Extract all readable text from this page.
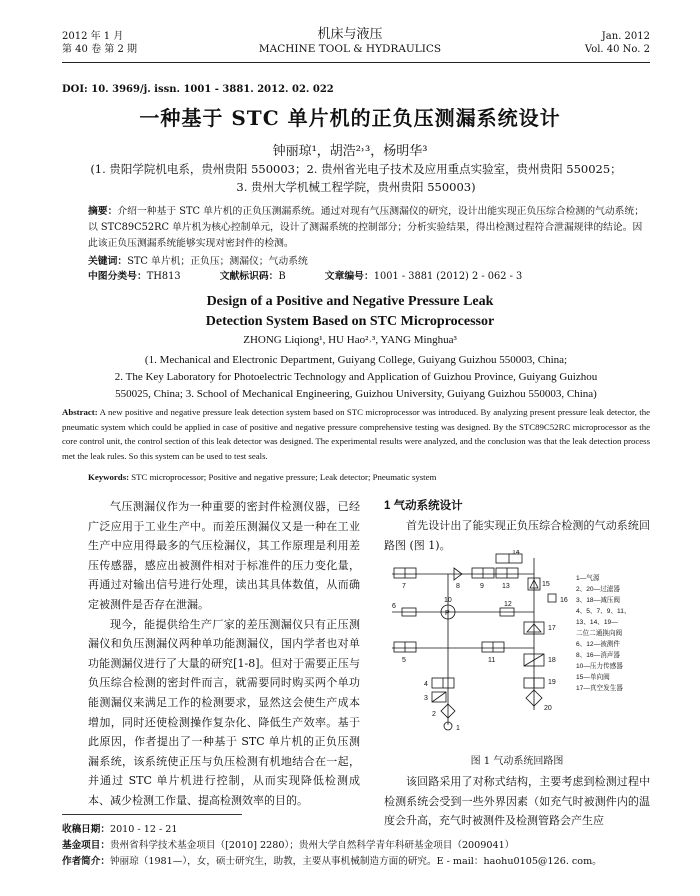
2012 年 1 月
第 40 卷 第 2 期
机床与液压
MACHINE TOOL & HYDRAULICS
Jan. 2012
Vol. 40 No. 2
DOI: 10. 3969/j. issn. 1001 - 3881. 2012. 02. 022
一种基于 STC 单片机的正负压测漏系统设计
钟丽琼¹，胡浩²˒³，杨明华³
(1. 贵阳学院机电系，贵州贵阳 550003；2. 贵州省光电子技术及应用重点实验室，贵州贵阳 550025；
3. 贵州大学机械工程学院，贵州贵阳 550003)
摘要：介绍一种基于 STC 单片机的正负压测漏系统。通过对现有气压测漏仪的研究，设计出能实现正负压综合检测的气动系统；以 STC89C52RC 单片机为核心控制单元，设计了测漏系统的控制部分；分析实验结果，得出检测过程符合泄漏规律的结论。因此该正负压测漏系统能够实现对密封件的检测。
关键词：STC 单片机；正负压；测漏仪；气动系统
中图分类号：TH813	文献标识码：B	文章编号：1001 - 3881 (2012) 2 - 062 - 3
Design of a Positive and Negative Pressure Leak
Detection System Based on STC Microprocessor
ZHONG Liqiong¹, HU Hao²˒³, YANG Minghua³
(1. Mechanical and Electronic Department, Guiyang College, Guiyang Guizhou 550003, China;
2. The Key Laboratory for Photoelectric Technology and Application of Guizhou Province, Guiyang Guizhou
550025, China; 3. School of Mechanical Engineering, Guizhou University, Guiyang Guizhou 550003, China)
Abstract: A new positive and negative pressure leak detection system based on STC microprocessor was introduced. By analyzing present pressure leak detector, the pneumatic system which could be applied in case of positive and negative pressure comprehensive testing was designed. By the STC89C52RC microprocessor as the core control unit, the control section of this leak detector was designed. The experimental results were analyzed, and the conclusion was that the leak detection process met the leak rules. So this system can be used to test seals.
Keywords: STC microprocessor; Positive and negative pressure; Leak detector; Pneumatic system

气压测漏仪作为一种重要的密封件检测仪器，已经广泛应用于工业生产中。而差压测漏仪又是一种在工业生产中应用得最多的气压检漏仪，其工作原理是利用差压传感器，感应出被测件相对于标准件的压力变化量，再通过对输出信号进行处理，读出其具体数值，从而确定被测件是否存在泄漏。

现今，能提供给生产厂家的差压测漏仪只有正压测漏仪和负压测漏仪两种单功能测漏仪，国内学者也对单功能测漏仪进行了大量的研究[1-8]。但对于需要正压与负压综合检测的密封件而言，就需要同时购买两个单功能测漏仪来满足工作的检测要求，显然这会使生产成本增加，同时还使检测操作复杂化、降低生产效率。基于此原因，作者提出了一种基于 STC 单片机的正负压测漏系统，该系统使正压与负压检测有机地结合在一起，并通过 STC 单片机进行控制，从而实现降低检测成本、减少检测工作量、提高检测效率的目的。

1 气动系统设计

首先设计出了能实现正负压综合检测的气动系统回路图 (图 1)。

P
14
7	8	9	13	15
16
10
6	12
17
5	11	18
4	19
3
20
2
1
1—气源
2、20—过滤器
3、18—减压阀
4、5、7、9、11、
13、14、19—
二位二通换向阀
6、12—被测件
8、16—消声器
10—压力传感器
15—单向阀
17—真空发生器
图 1 气动系统回路图

该回路采用了对称式结构，主要考虑到检测过程中检测系统会受到一些外界因素（如充气时被测件内的温度会升高，充气时被测件及检测管路会产生应

收稿日期：2010 - 12 - 21
基金项目：贵州省科学技术基金项目（[2010] 2280）；贵州大学自然科学青年科研基金项目（2009041）
作者简介：钟丽琼（1981—），女，硕士研究生，助教，主要从事机械制造方面的研究。E - mail：haohu0105@126. com。
